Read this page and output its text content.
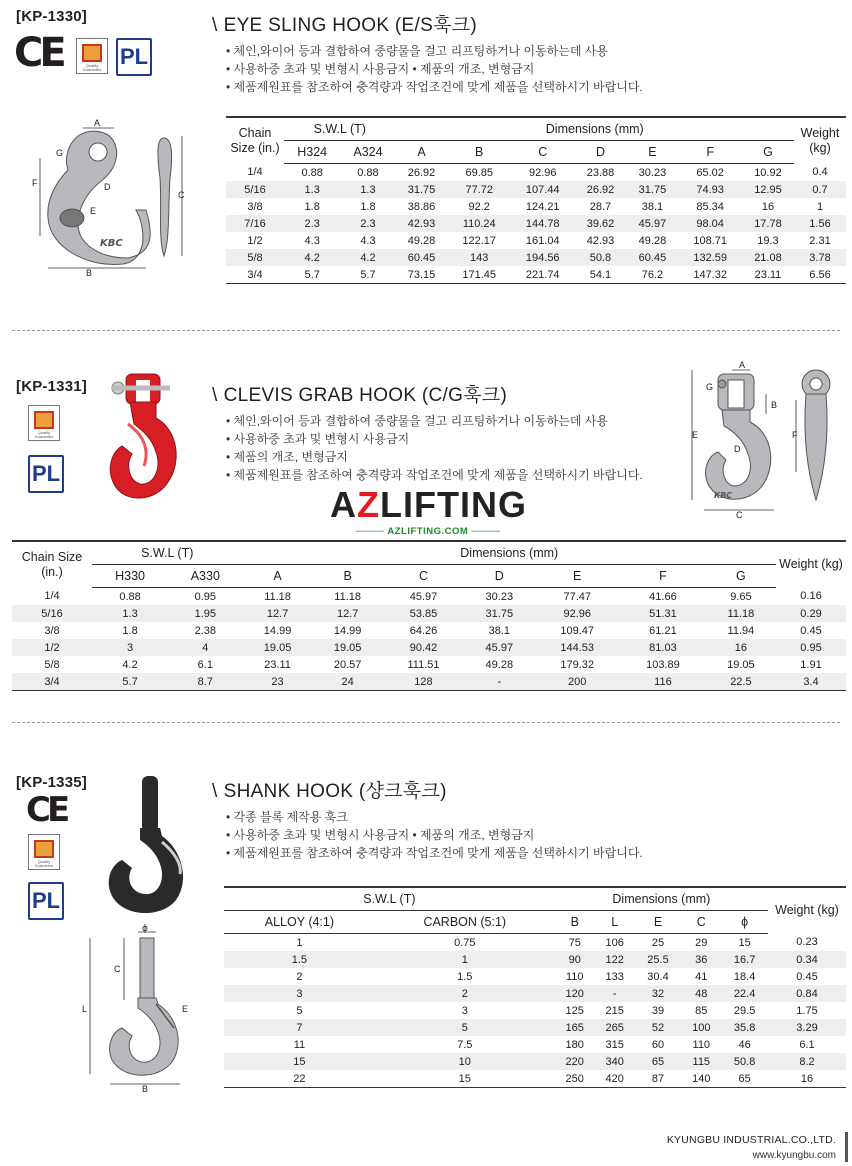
[KP-1330]
CE	Quality Guarantee
PL
\ EYE SLING HOOK (E/S훅크)
• 체인,와이어 등과 결합하여 중량물을 걸고 리프팅하거나 이동하는데 사용
• 사용하중 초과 및 변형시 사용금지 • 제품의 개조, 변형금지
• 제품제원표를 참조하여 충격량과 작업조건에 맞게 제품을 선택하시기 바랍니다.
KBC
A
F
G
D
E
B
C
Chain Size (in.)	S.W.L (T)		Dimensions (mm)							Weight (kg)
	H324	A324	A	B	C	D	E	F	G	
1/4	0.88	0.88	26.92	69.85	92.96	23.88	30.23	65.02	10.92	0.4
5/16	1.3	1.3	31.75	77.72	107.44	26.92	31.75	74.93	12.95	0.7
3/8	1.8	1.8	38.86	92.2	124.21	28.7	38.1	85.34	16	1
7/16	2.3	2.3	42.93	110.24	144.78	39.62	45.97	98.04	17.78	1.56
1/2	4.3	4.3	49.28	122.17	161.04	42.93	49.28	108.71	19.3	2.31
5/8	4.2	4.2	60.45	143	194.56	50.8	60.45	132.59	21.08	3.78
3/4	5.7	5.7	73.15	171.45	221.74	54.1	76.2	147.32	23.11	6.56
[KP-1331]
Quality Guarantee
PL
\ CLEVIS GRAB HOOK (C/G훅크)
• 체인,와이어 등과 결합하여 중량물을 걸고 리프팅하거나 이동하는데 사용
• 사용하중 초과 및 변형시 사용금지
• 제품의 개조, 변형금지
• 제품제원표를 참조하여 충격량과 작업조건에 맞게 제품을 선택하시기 바랍니다.
AZLIFTING
──── AZLIFTING.COM ────
KBC
A
G
E
B
D
C
F
Chain Size (in.)	S.W.L (T)		Dimensions (mm)							Weight (kg)
	H330	A330	A	B	C	D	E	F	G	
1/4	0.88	0.95	11.18	11.18	45.97	30.23	77.47	41.66	9.65	0.16
5/16	1.3	1.95	12.7	12.7	53.85	31.75	92.96	51.31	11.18	0.29
3/8	1.8	2.38	14.99	14.99	64.26	38.1	109.47	61.21	11.94	0.45
1/2	3	4	19.05	19.05	90.42	45.97	144.53	81.03	16	0.95
5/8	4.2	6.1	23.11	20.57	111.51	49.28	179.32	103.89	19.05	1.91
3/4	5.7	8.7	23	24	128	-	200	116	22.5	3.4
[KP-1335]
CE
Quality Guarantee
PL
\ SHANK HOOK (샹크훅크)
• 각종 블록 제작용 훅크
• 사용하중 초과 및 변형시 사용금지 • 제품의 개조, 변형금지
• 제품제원표를 참조하여 충격량과 작업조건에 맞게 제품을 선택하시기 바랍니다.
ϕ
C
L	E
B
S.W.L (T)		Dimensions (mm)					Weight (kg)
ALLOY (4:1)	CARBON (5:1)	B	L	E	C	ϕ	
1	0.75	75	106	25	29	15	0.23
1.5	1	90	122	25.5	36	16.7	0.34
2	1.5	110	133	30.4	41	18.4	0.45
3	2	120	-	32	48	22.4	0.84
5	3	125	215	39	85	29.5	1.75
7	5	165	265	52	100	35.8	3.29
11	7.5	180	315	60	110	46	6.1
15	10	220	340	65	115	50.8	8.2
22	15	250	420	87	140	65	16
KYUNGBU INDUSTRIAL.CO.,LTD.
www.kyungbu.com
